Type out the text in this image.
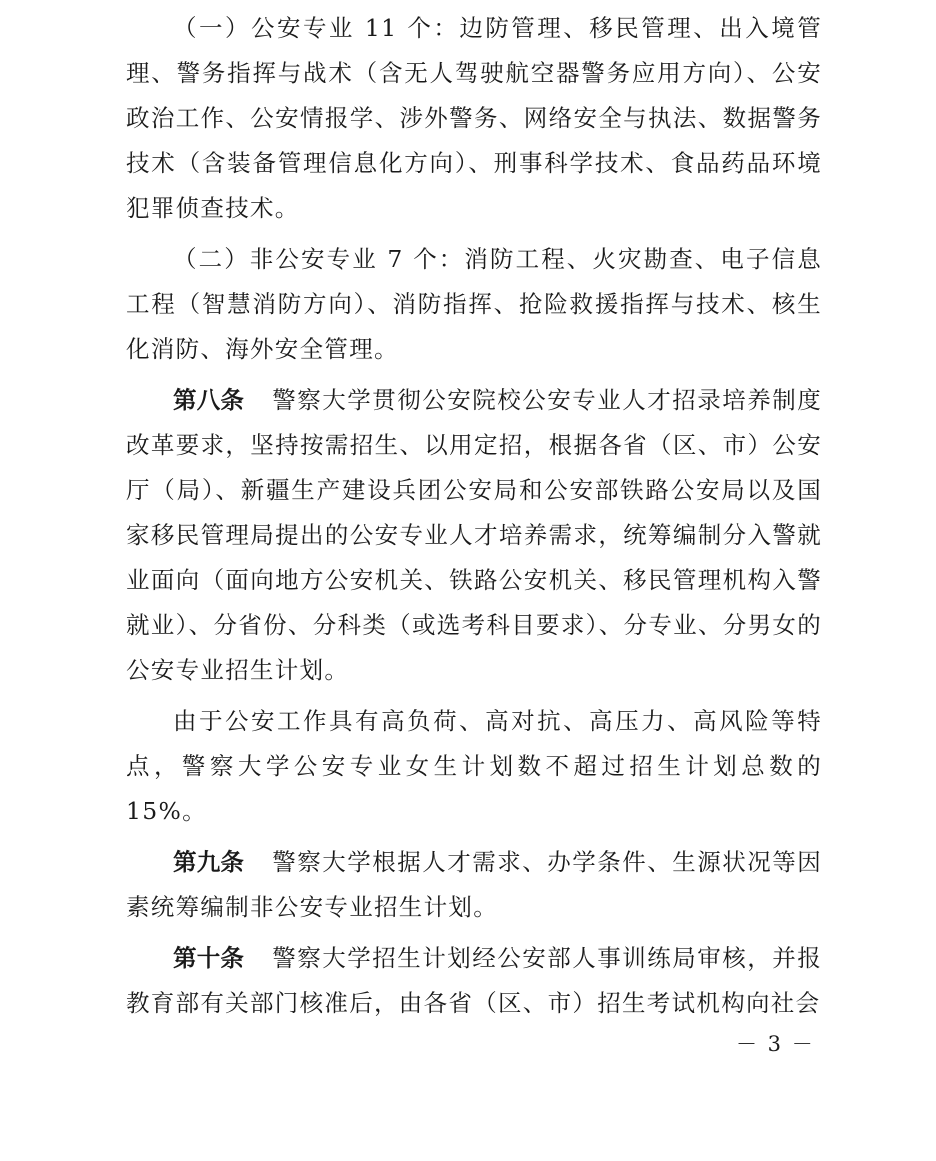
（一）公安专业 11 个：边防管理、移民管理、出入境管理、警务指挥与战术（含无人驾驶航空器警务应用方向）、公安政治工作、公安情报学、涉外警务、网络安全与执法、数据警务技术（含装备管理信息化方向）、刑事科学技术、食品药品环境犯罪侦查技术。

（二）非公安专业 7 个：消防工程、火灾勘查、电子信息工程（智慧消防方向）、消防指挥、抢险救援指挥与技术、核生化消防、海外安全管理。

第八条 警察大学贯彻公安院校公安专业人才招录培养制度改革要求，坚持按需招生、以用定招，根据各省（区、市）公安厅（局）、新疆生产建设兵团公安局和公安部铁路公安局以及国家移民管理局提出的公安专业人才培养需求，统筹编制分入警就业面向（面向地方公安机关、铁路公安机关、移民管理机构入警就业）、分省份、分科类（或选考科目要求）、分专业、分男女的公安专业招生计划。

由于公安工作具有高负荷、高对抗、高压力、高风险等特点，警察大学公安专业女生计划数不超过招生计划总数的 15%。

第九条 警察大学根据人才需求、办学条件、生源状况等因素统筹编制非公安专业招生计划。

第十条 警察大学招生计划经公安部人事训练局审核，并报教育部有关部门核准后，由各省（区、市）招生考试机构向社会

－ 3 －
